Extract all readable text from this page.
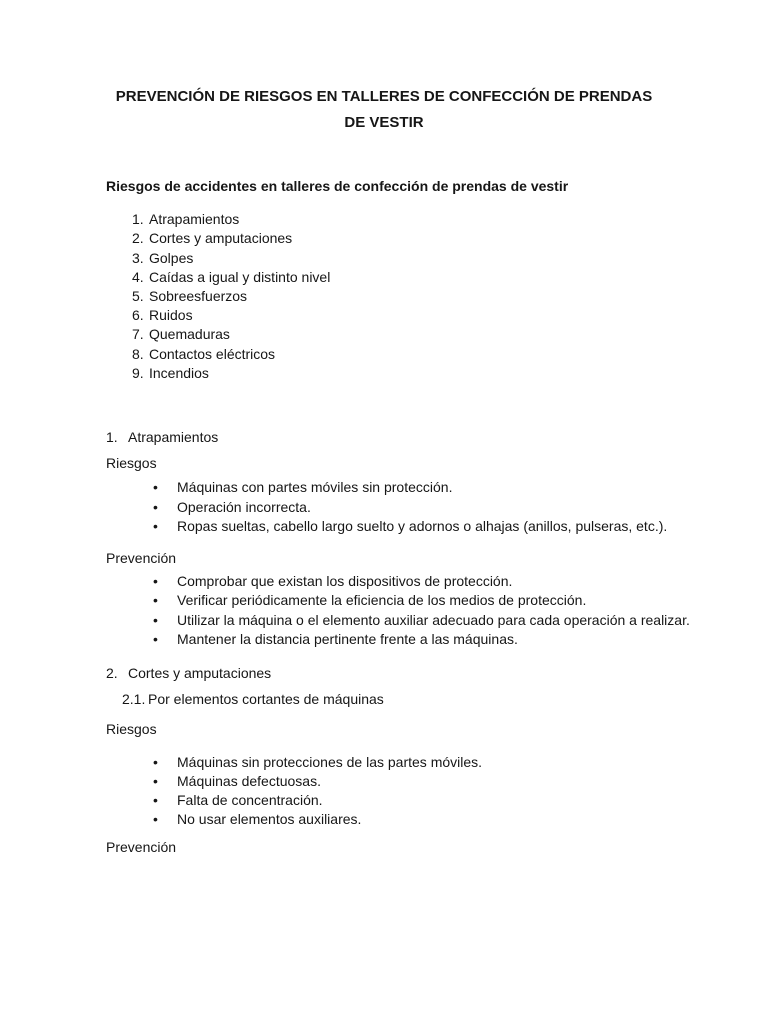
PREVENCIÓN DE RIESGOS EN TALLERES DE CONFECCIÓN DE PRENDAS
DE VESTIR
Riesgos de accidentes en talleres de confección de prendas de vestir
Atrapamientos
Cortes y amputaciones
Golpes
Caídas a igual y distinto nivel
Sobreesfuerzos
Ruidos
Quemaduras
Contactos eléctricos
Incendios
1. Atrapamientos
Riesgos
• Máquinas con partes móviles sin protección.
• Operación incorrecta.
• Ropas sueltas, cabello largo suelto y adornos o alhajas (anillos, pulseras, etc.).
Prevención
• Comprobar que existan los dispositivos de protección.
• Verificar periódicamente la eficiencia de los medios de protección.
• Utilizar la máquina o el elemento auxiliar adecuado para cada operación a realizar.
• Mantener la distancia pertinente frente a las máquinas.
2. Cortes y amputaciones
2.1. Por elementos cortantes de máquinas
Riesgos
• Máquinas sin protecciones de las partes móviles.
• Máquinas defectuosas.
• Falta de concentración.
• No usar elementos auxiliares.
Prevención
